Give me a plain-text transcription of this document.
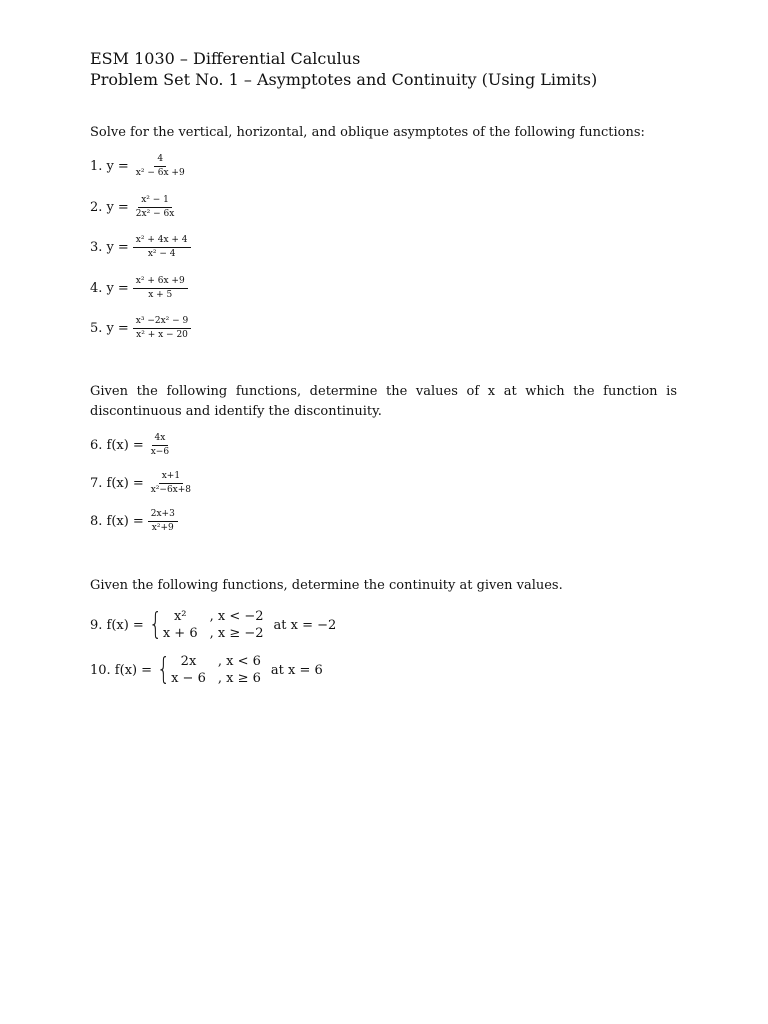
ESM 1030 – Differential Calculus
Problem Set No. 1 – Asymptotes and Continuity (Using Limits)
Solve for the vertical, horizontal, and oblique asymptotes of the following functions:
1. $y = \frac{4}{\text{x² − 6x +9}}$
2. $y = \frac{\text{x² − 1}}{\text{2x² − 6x}}$
3. $y = \frac{\text{x² + 4x + 4}}{\text{x² − 4}}$
4. $y = \frac{\text{x² + 6x +9}}{x + 5}$
5. $y = \frac{\text{x³ −2x² − 9}}{\text{x² + x − 20}}$
Given the following functions, determine the values of x at which the function is discontinuous and identify the discontinuity.
6. $f(x) = \frac{4x}{x-6}$
7. $f(x) = \frac{x+1}{\text{x²−6x+8}}$
8. $f(x) = \frac{2x+3}{\text{x²+9}}$
Given the following functions, determine the continuity at given values.
9. f(x) = { x²	, x < −2
x + 6 , x ≥ −2
at x = −2
10. f(x) = { 2x	, x < 6
x − 6 , x ≥ 6
at x = 6
